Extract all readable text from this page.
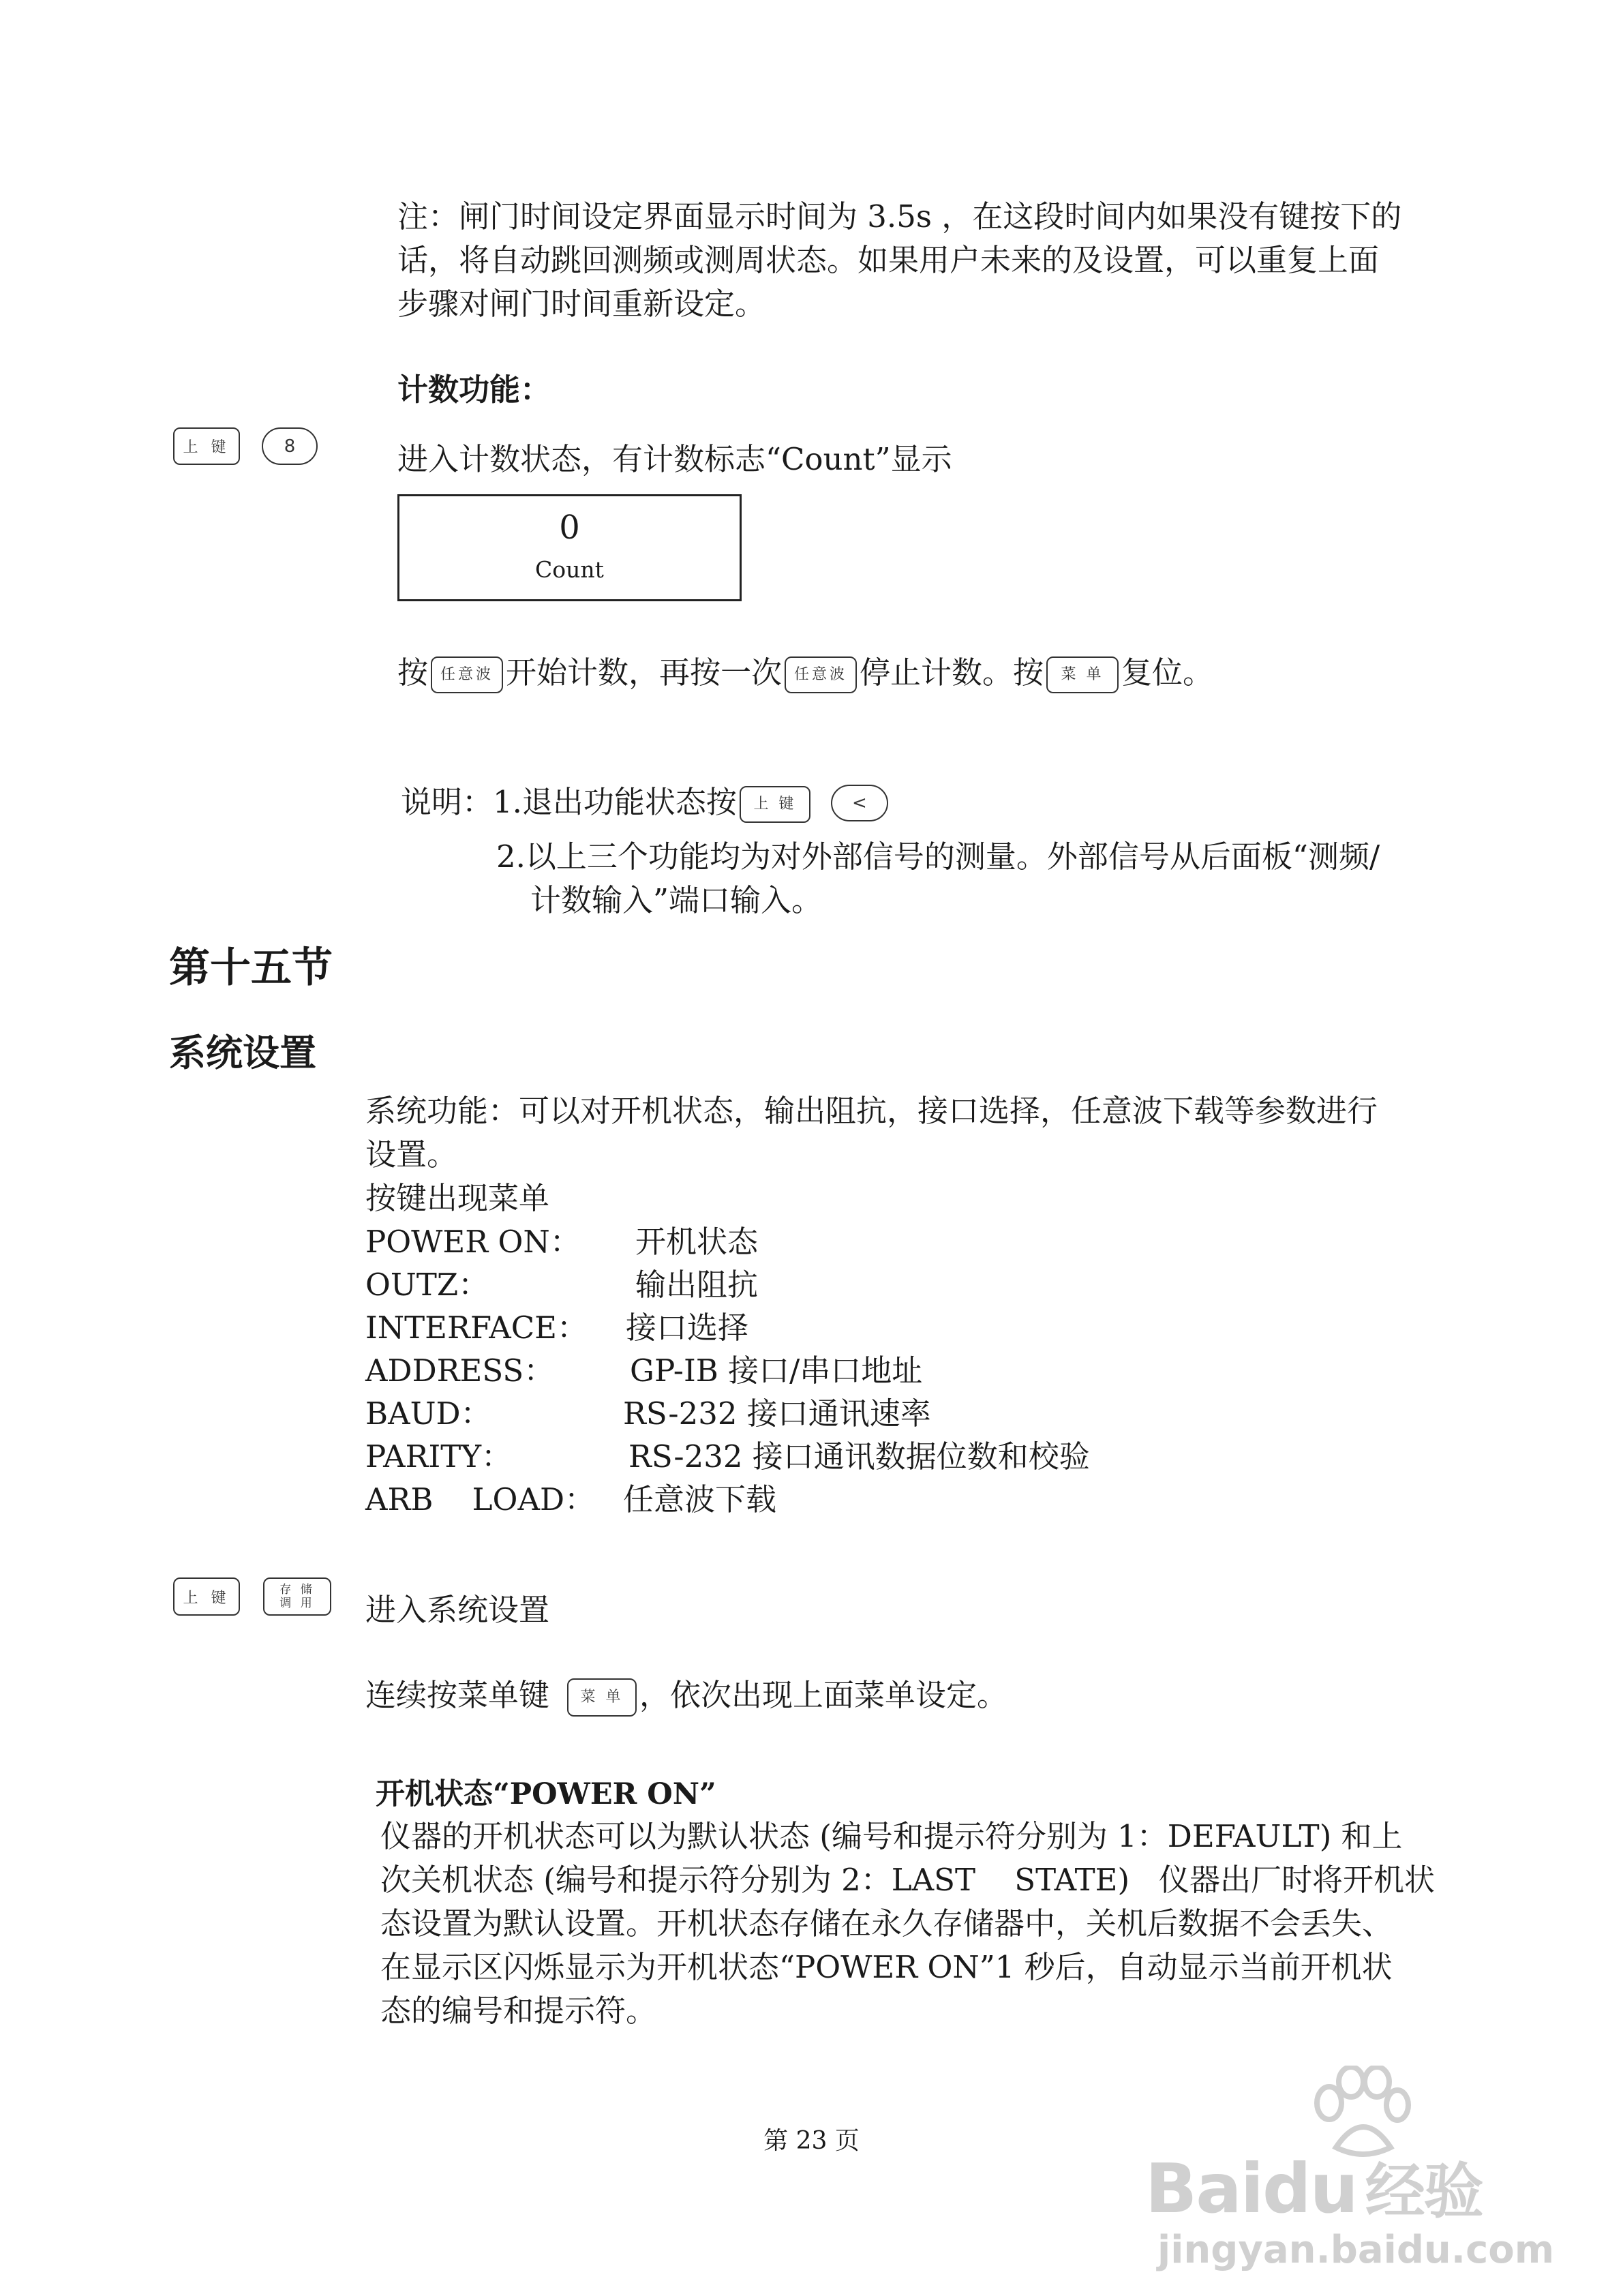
注：闸门时间设定界面显示时间为 3.5s ，在这段时间内如果没有键按下的
话，将自动跳回测频或测周状态。如果用户未来的及设置，可以重复上面
步骤对闸门时间重新设定。
计数功能：
上 键	8	进入计数状态，有计数标志“Count”显示
0
Count
按 任意波 开始计数，再按一次 任意波 停止计数。按 菜 单 复位。
说明：1.退出功能状态按 上 键	<
2.以上三个功能均为对外部信号的测量。外部信号从后面板“测频/
计数输入”端口输入。
第十五节
系统设置
系统功能：可以对开机状态，输出阻抗，接口选择，任意波下载等参数进行
设置。
按键出现菜单
POWER ON： 开机状态
OUTZ：	输出阻抗
INTERFACE： 接口选择
ADDRESS： GP-IB 接口/串口地址
BAUD：	RS-232 接口通讯速率
PARITY：	RS-232 接口通讯数据位数和校验
ARB    LOAD： 任意波下载
上 键	存 储
调 用 进入系统设置
连续按菜单键 菜 单 ，依次出现上面菜单设定。
开机状态“POWER ON”
仪器的开机状态可以为默认状态 (编号和提示符分别为 1：DEFAULT) 和上
次关机状态 (编号和提示符分别为 2：LAST    STATE)   仪器出厂时将开机状
态设置为默认设置。开机状态存储在永久存储器中，关机后数据不会丢失、
在显示区闪烁显示为开机状态“POWER ON”1 秒后，自动显示当前开机状
态的编号和提示符。
第 23 页
Baidu 经验
jingyan.baidu.com
